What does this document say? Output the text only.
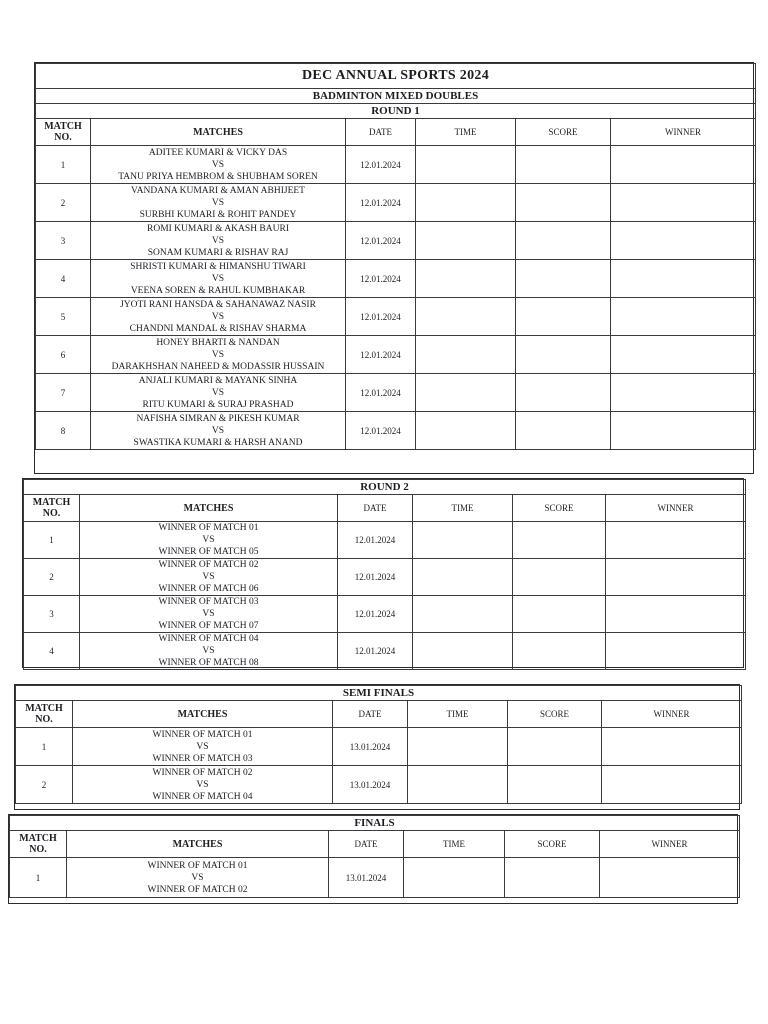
DEC ANNUAL SPORTS 2024					
BADMINTON MIXED DOUBLES					
ROUND 1					
MATCH NO.	MATCHES	DATE	TIME	SCORE	WINNER
1	ADITEE KUMARI & VICKY DAS
VS
TANU PRIYA HEMBROM & SHUBHAM SOREN	12.01.2024			
2	VANDANA KUMARI & AMAN ABHIJEET
VS
SURBHI KUMARI & ROHIT PANDEY	12.01.2024			
3	ROMI KUMARI & AKASH BAURI
VS
SONAM KUMARI & RISHAV RAJ	12.01.2024			
4	SHRISTI KUMARI & HIMANSHU TIWARI
VS
VEENA SOREN & RAHUL KUMBHAKAR	12.01.2024			
5	JYOTI RANI HANSDA & SAHANAWAZ NASIR
VS
CHANDNI MANDAL & RISHAV SHARMA	12.01.2024			
6	HONEY BHARTI & NANDAN
VS
DARAKHSHAN NAHEED & MODASSIR HUSSAIN	12.01.2024			
7	ANJALI KUMARI & MAYANK SINHA
VS
RITU KUMARI & SURAJ PRASHAD	12.01.2024			
8	NAFISHA SIMRAN & PIKESH KUMAR
VS
SWASTIKA KUMARI & HARSH ANAND	12.01.2024			
ROUND 2					
MATCH NO.	MATCHES	DATE	TIME	SCORE	WINNER
1	WINNER OF MATCH 01
VS
WINNER OF MATCH 05	12.01.2024			
2	WINNER OF MATCH 02
VS
WINNER OF MATCH 06	12.01.2024			
3	WINNER OF MATCH 03
VS
WINNER OF MATCH 07	12.01.2024			
4	WINNER OF MATCH 04
VS
WINNER OF MATCH 08	12.01.2024			
SEMI FINALS					
MATCH NO.	MATCHES	DATE	TIME	SCORE	WINNER
1	WINNER OF MATCH 01
VS
WINNER OF MATCH 03	13.01.2024			
2	WINNER OF MATCH 02
VS
WINNER OF MATCH 04	13.01.2024			
FINALS					
MATCH NO.	MATCHES	DATE	TIME	SCORE	WINNER
1	WINNER OF MATCH 01
VS
WINNER OF MATCH 02	13.01.2024			
